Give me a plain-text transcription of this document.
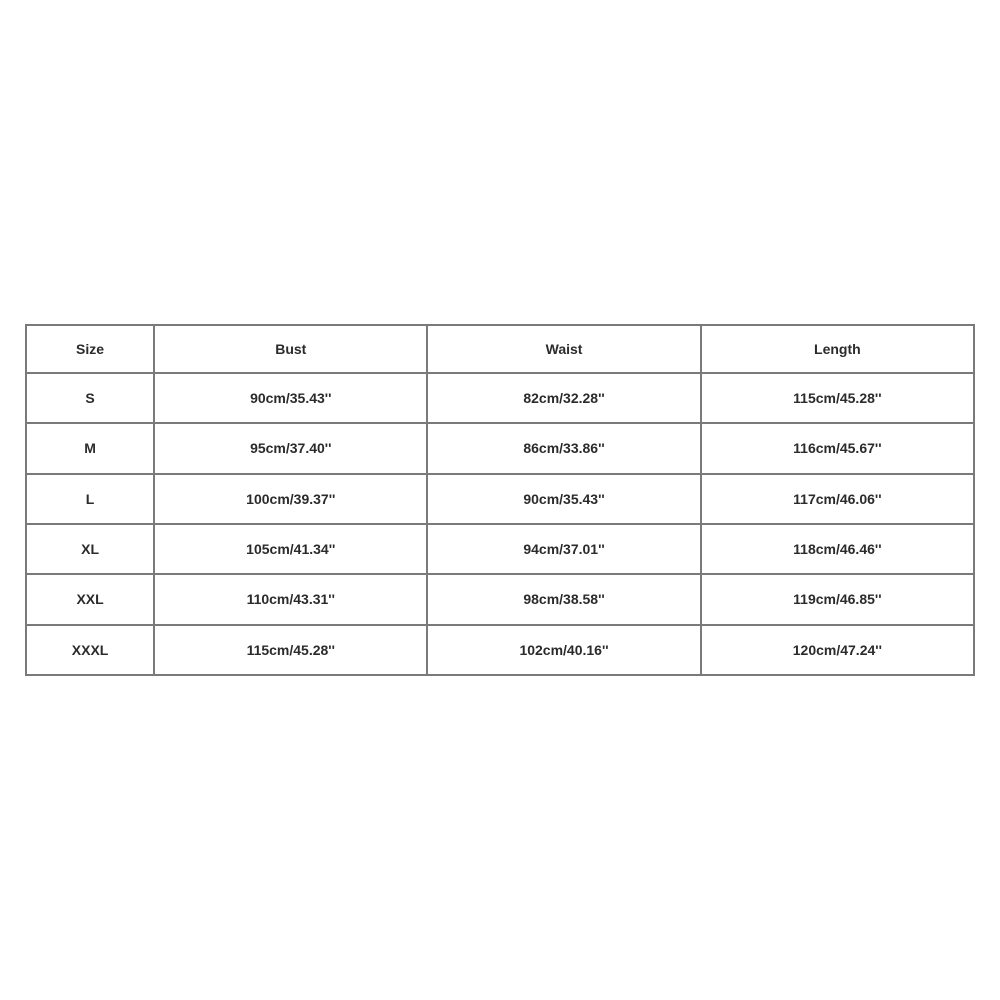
Size	Bust	Waist	Length
S	90cm/35.43''	82cm/32.28''	115cm/45.28''
M	95cm/37.40''	86cm/33.86''	116cm/45.67''
L	100cm/39.37''	90cm/35.43''	117cm/46.06''
XL	105cm/41.34''	94cm/37.01''	118cm/46.46''
XXL	110cm/43.31''	98cm/38.58''	119cm/46.85''
XXXL	115cm/45.28''	102cm/40.16''	120cm/47.24''
